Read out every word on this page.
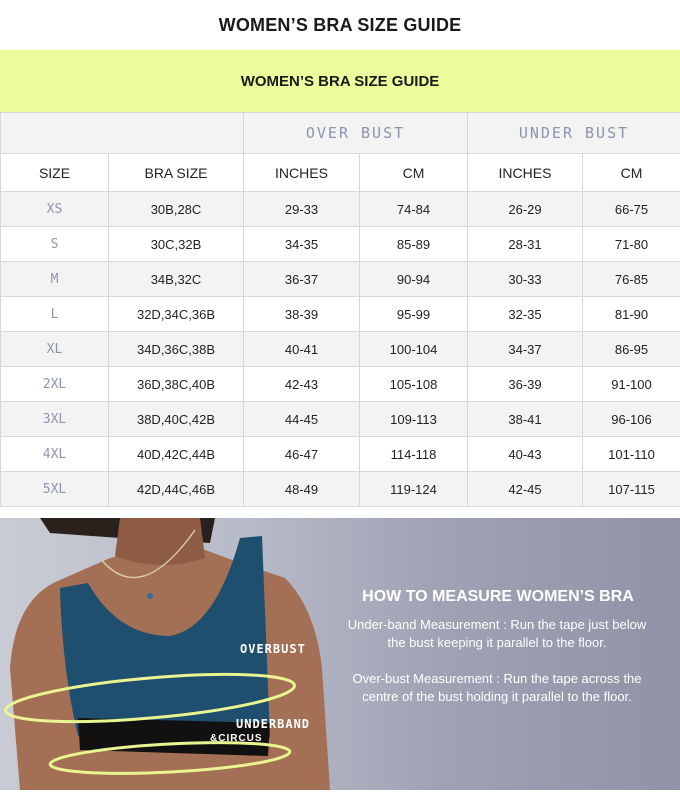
WOMEN’S BRA SIZE GUIDE
WOMEN’S BRA SIZE GUIDE
		OVER BUST		UNDER BUST	
SIZE	BRA SIZE	INCHES	CM	INCHES	CM
XS	30B,28C	29-33	74-84	26-29	66-75
S	30C,32B	34-35	85-89	28-31	71-80
M	34B,32C	36-37	90-94	30-33	76-85
L	32D,34C,36B	38-39	95-99	32-35	81-90
XL	34D,36C,38B	40-41	100-104	34-37	86-95
2XL	36D,38C,40B	42-43	105-108	36-39	91-100
3XL	38D,40C,42B	44-45	109-113	38-41	96-106
4XL	40D,42C,44B	46-47	114-118	40-43	101-110
5XL	42D,44C,46B	48-49	119-124	42-45	107-115
OVERBUST
UNDERBAND
&CIRCUS
HOW TO MEASURE WOMEN’S BRA
Under-band Measurement : Run the tape just below the bust keeping it parallel to the floor.
Over-bust Measurement : Run the tape across the centre of the bust holding it parallel to the floor.
